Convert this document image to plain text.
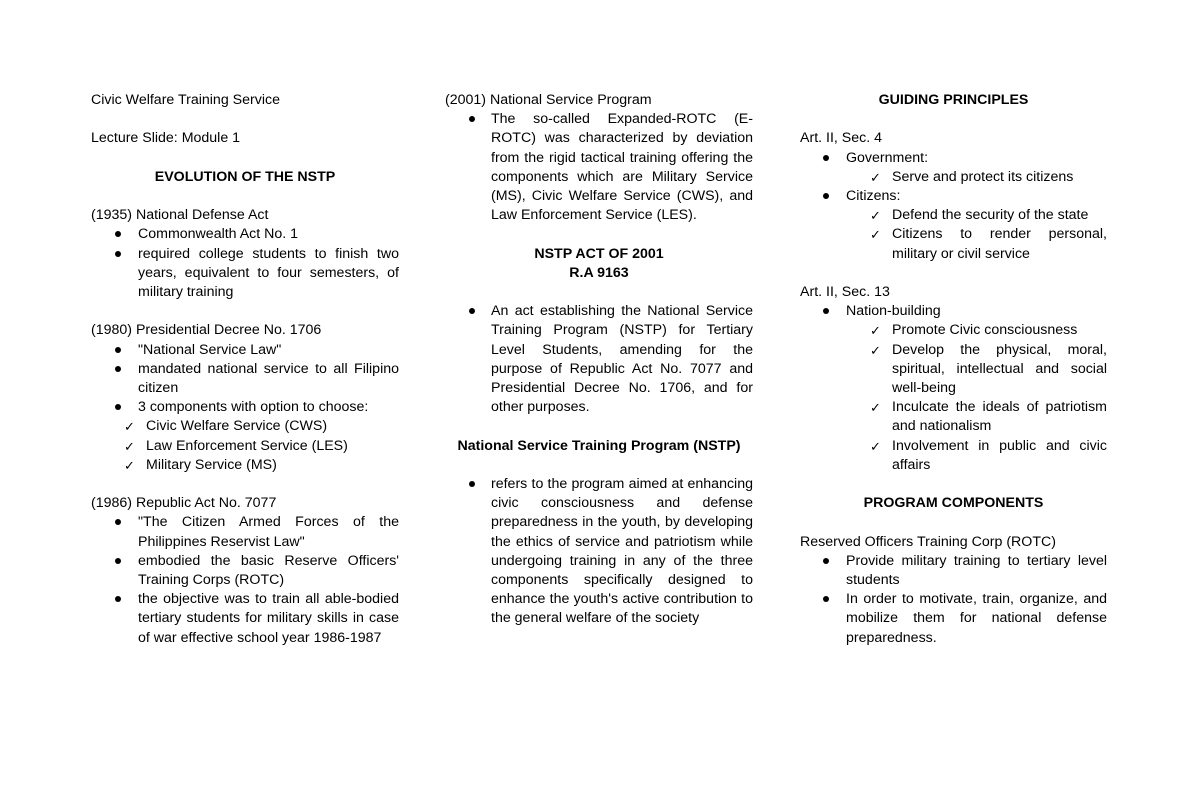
Civic Welfare Training Service

Lecture Slide: Module 1

EVOLUTION OF THE NSTP

(1935) National Defense Act

Commonwealth Act No. 1
required college students to finish two years, equivalent to four semesters, of military training

(1980) Presidential Decree No. 1706

"National Service Law"
mandated national service to all Filipino citizen
3 components with option to choose:
✓ Civic Welfare Service (CWS)
✓ Law Enforcement Service (LES)
✓ Military Service (MS)

(1986) Republic Act No. 7077

"The Citizen Armed Forces of the Philippines Reservist Law"
embodied the basic Reserve Officers' Training Corps (ROTC)
the objective was to train all able-bodied tertiary students for military skills in case of war effective school year 1986-1987

(2001) National Service Program

The so-called Expanded-ROTC (E-ROTC) was characterized by deviation from the rigid tactical training offering the components which are Military Service (MS), Civic Welfare Service (CWS), and Law Enforcement Service (LES).

NSTP ACT OF 2001

R.A 9163

An act establishing the National Service Training Program (NSTP) for Tertiary Level Students, amending for the purpose of Republic Act No. 7077 and Presidential Decree No. 1706, and for other purposes.

National Service Training Program (NSTP)

refers to the program aimed at enhancing civic consciousness and defense preparedness in the youth, by developing the ethics of service and patriotism while undergoing training in any of the three components specifically designed to enhance the youth's active contribution to the general welfare of the society

GUIDING PRINCIPLES

Art. II, Sec. 4

Government:
✓ Serve and protect its citizens
Citizens:
✓ Defend the security of the state
✓ Citizens to render personal, military or civil service

Art. II, Sec. 13

Nation-building
✓ Promote Civic consciousness
✓ Develop the physical, moral, spiritual, intellectual and social well-being
✓ Inculcate the ideals of patriotism and nationalism
✓ Involvement in public and civic affairs

PROGRAM COMPONENTS

Reserved Officers Training Corp (ROTC)

Provide military training to tertiary level students
In order to motivate, train, organize, and mobilize them for national defense preparedness.
